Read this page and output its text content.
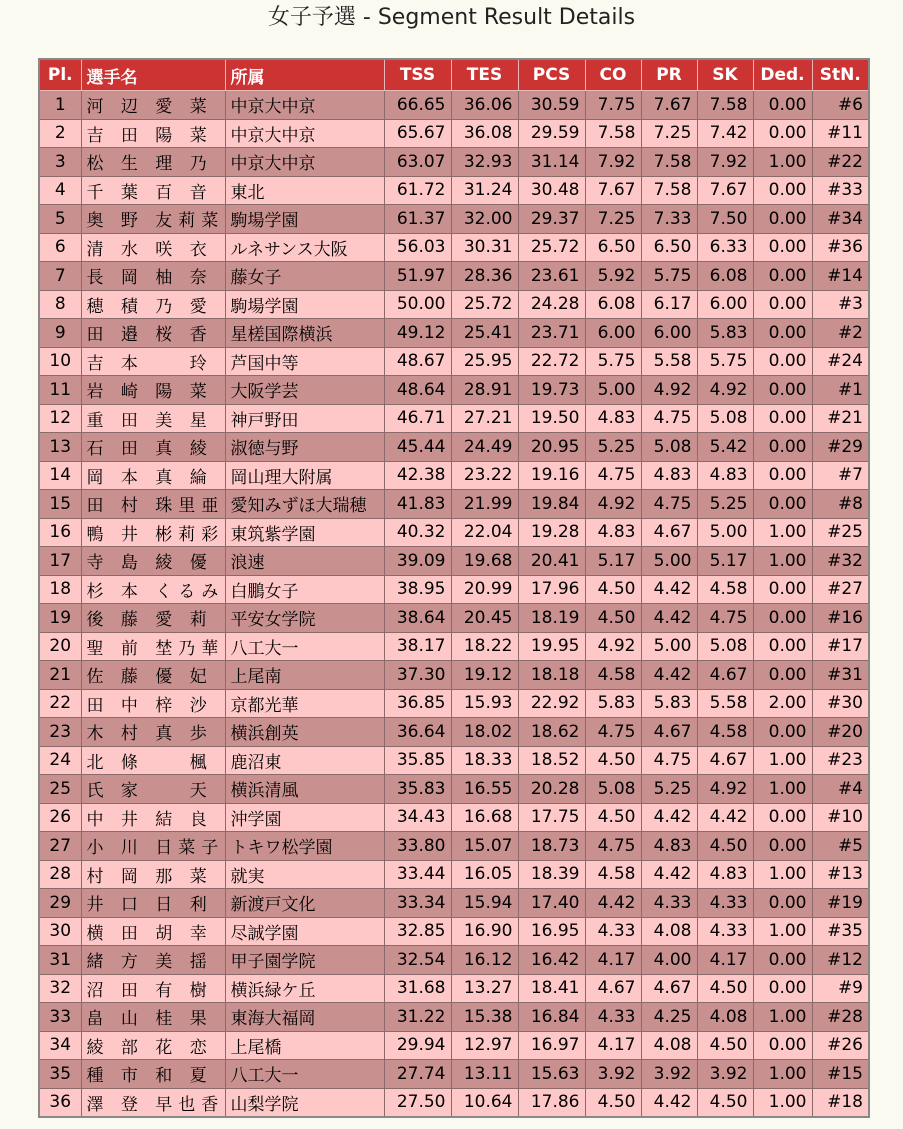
女子予選 - Segment Result Details
Pl.	選手名	所属	TSS	TES	PCS	CO	PR	SK	Ded.	StN.
1	河 辺 愛 菜	中京大中京	66.65	36.06	30.59	7.75	7.67	7.58	0.00	#6
2	吉 田 陽 菜	中京大中京	65.67	36.08	29.59	7.58	7.25	7.42	0.00	#11
3	松 生 理 乃	中京大中京	63.07	32.93	31.14	7.92	7.58	7.92	1.00	#22
4	千 葉 百 音	東北	61.72	31.24	30.48	7.67	7.58	7.67	0.00	#33
5	奥 野 友莉菜	駒場学園	61.37	32.00	29.37	7.25	7.33	7.50	0.00	#34
6	清 水 咲 衣	ルネサンス大阪	56.03	30.31	25.72	6.50	6.50	6.33	0.00	#36
7	長 岡 柚 奈	藤女子	51.97	28.36	23.61	5.92	5.75	6.08	0.00	#14
8	穂 積 乃 愛	駒場学園	50.00	25.72	24.28	6.08	6.17	6.00	0.00	#3
9	田 邉 桜 香	星槎国際横浜	49.12	25.41	23.71	6.00	6.00	5.83	0.00	#2
10	吉 本 　 玲	芦国中等	48.67	25.95	22.72	5.75	5.58	5.75	0.00	#24
11	岩 崎 陽 菜	大阪学芸	48.64	28.91	19.73	5.00	4.92	4.92	0.00	#1
12	重 田 美 星	神戸野田	46.71	27.21	19.50	4.83	4.75	5.08	0.00	#21
13	石 田 真 綾	淑徳与野	45.44	24.49	20.95	5.25	5.08	5.42	0.00	#29
14	岡 本 真 綸	岡山理大附属	42.38	23.22	19.16	4.75	4.83	4.83	0.00	#7
15	田 村 珠里亜	愛知みずほ大瑞穂	41.83	21.99	19.84	4.92	4.75	5.25	0.00	#8
16	鴨 井 彬莉彩	東筑紫学園	40.32	22.04	19.28	4.83	4.67	5.00	1.00	#25
17	寺 島 綾 優	浪速	39.09	19.68	20.41	5.17	5.00	5.17	1.00	#32
18	杉 本 くるみ	白鵬女子	38.95	20.99	17.96	4.50	4.42	4.58	0.00	#27
19	後 藤 愛 莉	平安女学院	38.64	20.45	18.19	4.50	4.42	4.75	0.00	#16
20	聖 前 埜乃華	八工大一	38.17	18.22	19.95	4.92	5.00	5.08	0.00	#17
21	佐 藤 優 妃	上尾南	37.30	19.12	18.18	4.58	4.42	4.67	0.00	#31
22	田 中 梓 沙	京都光華	36.85	15.93	22.92	5.83	5.83	5.58	2.00	#30
23	木 村 真 歩	横浜創英	36.64	18.02	18.62	4.75	4.67	4.58	0.00	#20
24	北 條 　 楓	鹿沼東	35.85	18.33	18.52	4.50	4.75	4.67	1.00	#23
25	氏 家 　 天	横浜清風	35.83	16.55	20.28	5.08	5.25	4.92	1.00	#4
26	中 井 結 良	沖学園	34.43	16.68	17.75	4.50	4.42	4.42	0.00	#10
27	小 川 日菜子	トキワ松学園	33.80	15.07	18.73	4.75	4.83	4.50	0.00	#5
28	村 岡 那 菜	就実	33.44	16.05	18.39	4.58	4.42	4.83	1.00	#13
29	井 口 日 利	新渡戸文化	33.34	15.94	17.40	4.42	4.33	4.33	0.00	#19
30	横 田 胡 幸	尽誠学園	32.85	16.90	16.95	4.33	4.08	4.33	1.00	#35
31	緒 方 美 揺	甲子園学院	32.54	16.12	16.42	4.17	4.00	4.17	0.00	#12
32	沼 田 有 樹	横浜緑ケ丘	31.68	13.27	18.41	4.67	4.67	4.50	0.00	#9
33	畠 山 桂 果	東海大福岡	31.22	15.38	16.84	4.33	4.25	4.08	1.00	#28
34	綾 部 花 恋	上尾橋	29.94	12.97	16.97	4.17	4.08	4.50	0.00	#26
35	種 市 和 夏	八工大一	27.74	13.11	15.63	3.92	3.92	3.92	1.00	#15
36	澤 登 早也香	山梨学院	27.50	10.64	17.86	4.50	4.42	4.50	1.00	#18
